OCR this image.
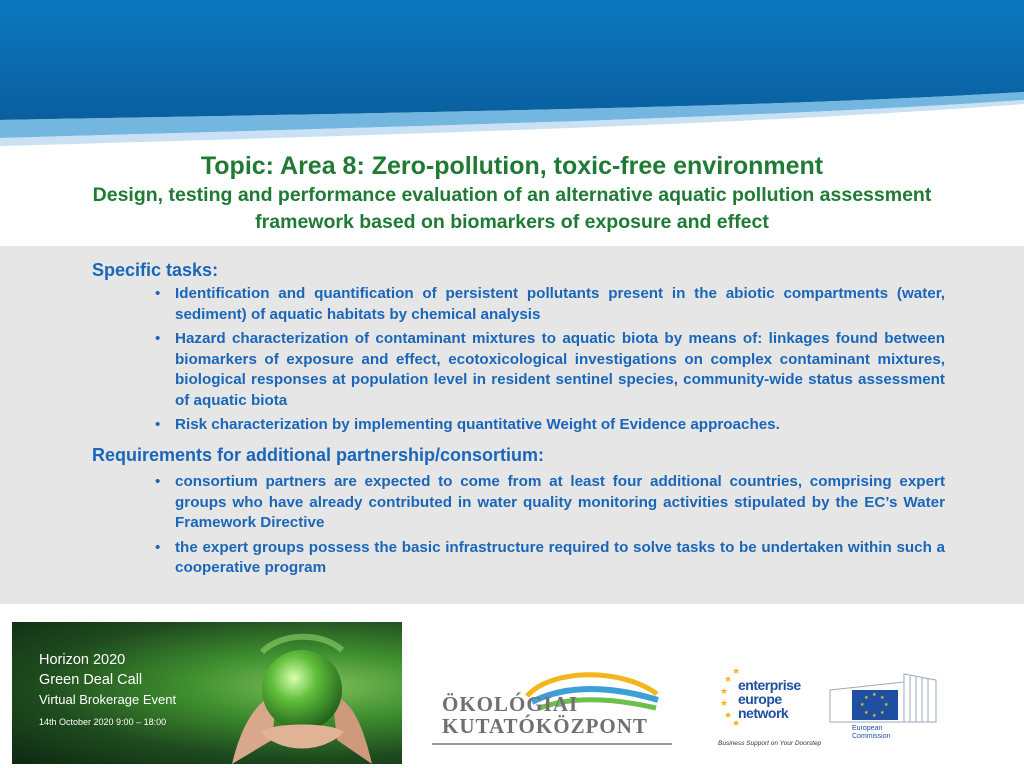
Topic: Area 8: Zero-pollution, toxic-free environment
Design, testing and performance evaluation of an alternative aquatic pollution assessment framework based on biomarkers of exposure and effect
Specific tasks:
• Identification and quantification of persistent pollutants present in the abiotic compartments (water, sediment) of aquatic habitats by chemical analysis
• Hazard characterization of contaminant mixtures to aquatic biota by means of: linkages found between biomarkers of exposure and effect, ecotoxicological investigations on complex contaminant mixtures, biological responses at population level in resident sentinel species, community-wide status assessment of aquatic biota
• Risk characterization by implementing quantitative Weight of Evidence approaches.
Requirements for additional partnership/consortium:
• consortium partners are expected to come from at least four additional countries, comprising expert groups who have already contributed in water quality monitoring activities stipulated by the EC’s Water Framework Directive
• the expert groups possess the basic infrastructure required to solve tasks to be undertaken within such a cooperative program
Horizon 2020
Green Deal Call
Virtual Brokerage Event
14th October 2020 9:00 – 18:00
ÖKOLÓGIAI
KUTATÓKÖZPONT
★
★
★
★
★
★
enterprise
europe
network
Business Support on Your Doorstep
★ ★
★
★
★
★
★
★
European
Commission
